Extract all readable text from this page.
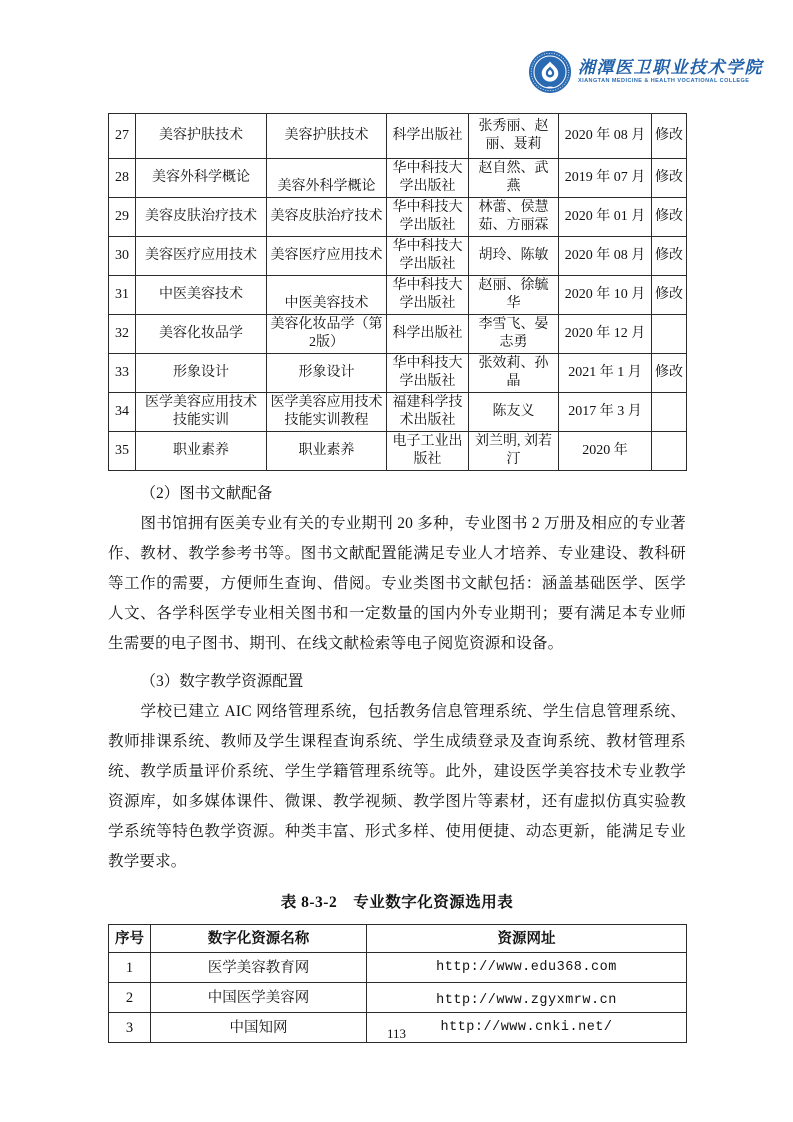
湘潭医卫职业技术学院
XIANGTAN MEDICINE & HEALTH VOCATIONAL COLLEGE
27	美容护肤技术	美容护肤技术	科学出版社	张秀丽、赵丽、聂莉	2020 年 08 月	修改
28	美容外科学概论	美容外科学概论	华中科技大学出版社	赵自然、武燕	2019 年 07 月	修改
29	美容皮肤治疗技术	美容皮肤治疗技术	华中科技大学出版社	林蕾、侯慧茹、方丽霖	2020 年 01 月	修改
30	美容医疗应用技术	美容医疗应用技术	华中科技大学出版社	胡玲、陈敏	2020 年 08 月	修改
31	中医美容技术	中医美容技术	华中科技大学出版社	赵丽、徐毓华	2020 年 10 月	修改
32	美容化妆品学	美容化妆品学（第2版）	科学出版社	李雪飞、晏志勇	2020 年 12 月	
33	形象设计	形象设计	华中科技大学出版社	张效莉、孙晶	2021 年 1 月	修改
34	医学美容应用技术技能实训	医学美容应用技术技能实训教程	福建科学技术出版社	陈友义	2017 年 3 月	
35	职业素养	职业素养	电子工业出版社	刘兰明, 刘若汀	2020 年	

（2）图书文献配备

图书馆拥有医美专业有关的专业期刊 20 多种，专业图书 2 万册及相应的专业著作、教材、教学参考书等。图书文献配置能满足专业人才培养、专业建设、教科研等工作的需要，方便师生查询、借阅。专业类图书文献包括：涵盖基础医学、医学人文、各学科医学专业相关图书和一定数量的国内外专业期刊；要有满足本专业师生需要的电子图书、期刊、在线文献检索等电子阅览资源和设备。

（3）数字教学资源配置

学校已建立 AIC 网络管理系统，包括教务信息管理系统、学生信息管理系统、教师排课系统、教师及学生课程查询系统、学生成绩登录及查询系统、教材管理系统、教学质量评价系统、学生学籍管理系统等。此外，建设医学美容技术专业教学资源库，如多媒体课件、微课、教学视频、教学图片等素材，还有虚拟仿真实验教学系统等特色教学资源。种类丰富、形式多样、使用便捷、动态更新，能满足专业教学要求。

表 8-3-2　专业数字化资源选用表
序号	数字化资源名称	资源网址
1	医学美容教育网	http://www.edu368.com
2	中国医学美容网	http://www.zgyxmrw.cn
3	中国知网	http://www.cnki.net/
113
